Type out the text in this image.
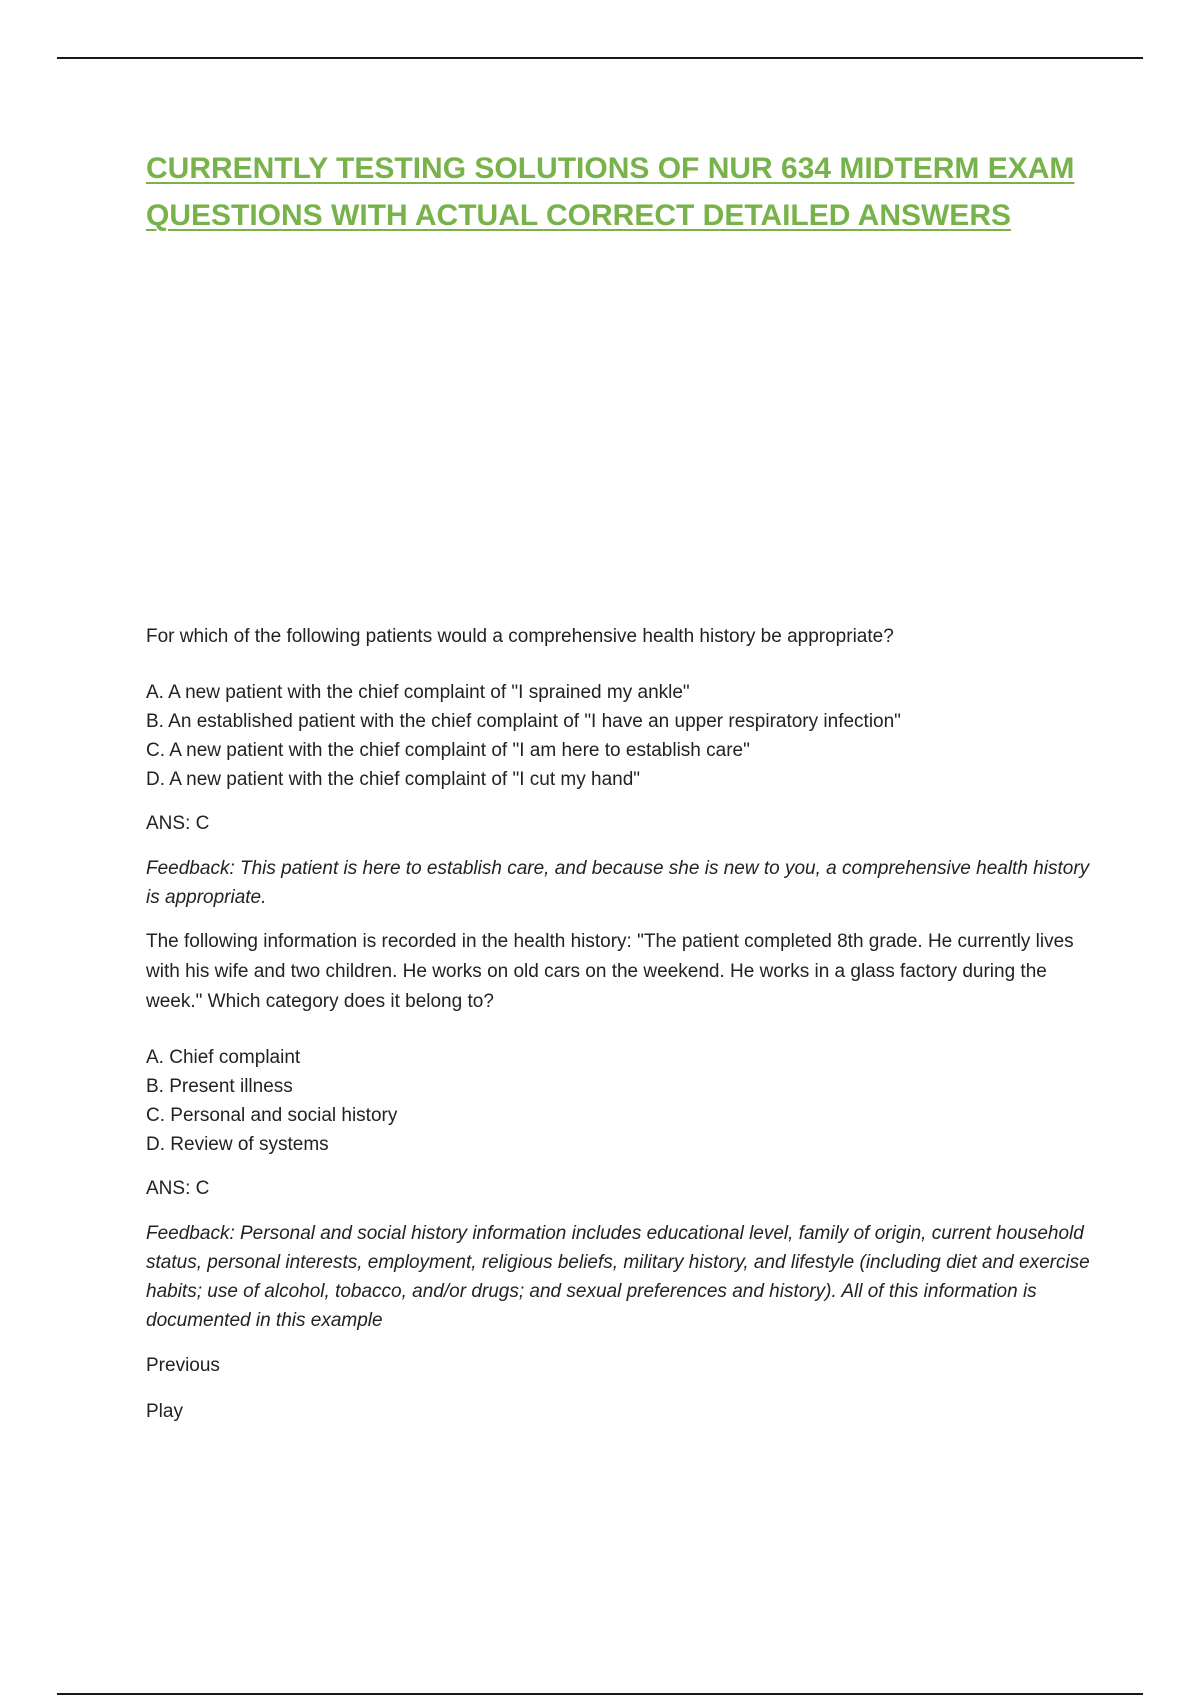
CURRENTLY TESTING SOLUTIONS OF NUR 634 MIDTERM EXAM
QUESTIONS WITH ACTUAL CORRECT DETAILED ANSWERS

For which of the following patients would a comprehensive health history be appropriate?

A. A new patient with the chief complaint of "I sprained my ankle"
B. An established patient with the chief complaint of "I have an upper respiratory infection"
C. A new patient with the chief complaint of "I am here to establish care"
D. A new patient with the chief complaint of "I cut my hand"

ANS: C

Feedback: This patient is here to establish care, and because she is new to you, a comprehensive health history is appropriate.

The following information is recorded in the health history: "The patient completed 8th grade. He currently lives with his wife and two children. He works on old cars on the weekend. He works in a glass factory during the week." Which category does it belong to?

A. Chief complaint
B. Present illness
C. Personal and social history
D. Review of systems

ANS: C

Feedback: Personal and social history information includes educational level, family of origin, current household status, personal interests, employment, religious beliefs, military history, and lifestyle (including diet and exercise habits; use of alcohol, tobacco, and/or drugs; and sexual preferences and history). All of this information is documented in this example

Previous

Play
